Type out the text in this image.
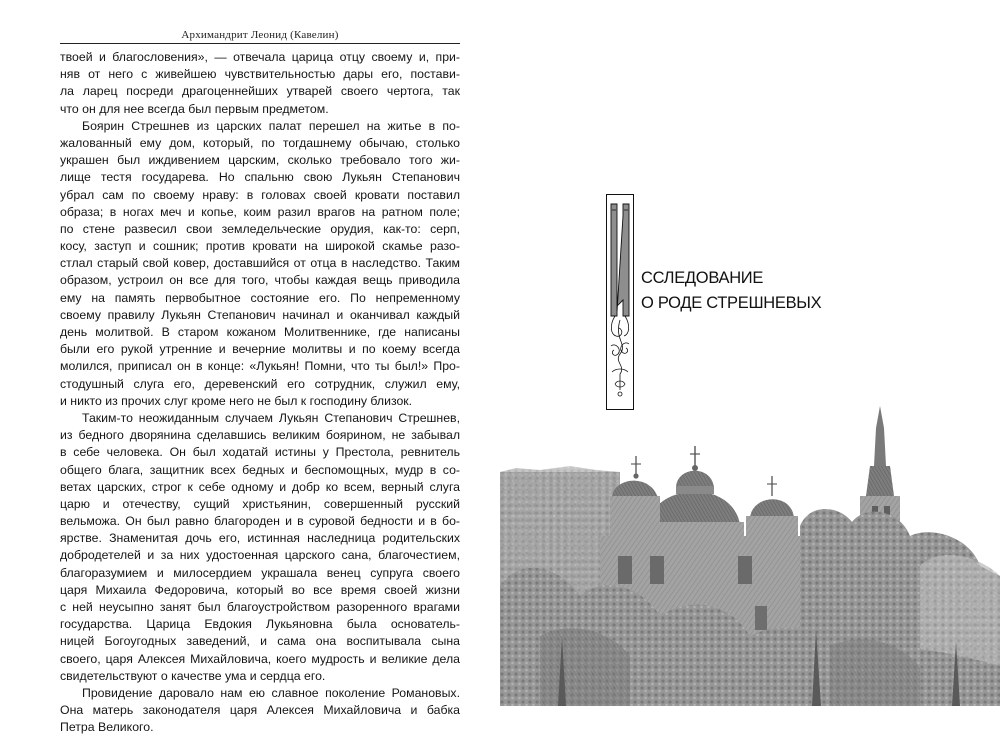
Архимандрит Леонид (Кавелин)

твоей и благословения», — отвечала царица отцу своему и, при-

няв от него с живейшею чувствительностью дары его, постави-

ла ларец посреди драгоценнейших утварей своего чертога, так

что он для нее всегда был первым предметом.

Боярин Стрешнев из царских палат перешел на житье в по-

жалованный ему дом, который, по тогдашнему обычаю, столько

украшен был иждивением царским, сколько требовало того жи-

лище тестя государева. Но спальню свою Лукьян Степанович

убрал сам по своему нраву: в головах своей кровати поставил

образа; в ногах меч и копье, коим разил врагов на ратном поле;

по стене развесил свои земледельческие орудия, как-то: серп,

косу, заступ и сошник; против кровати на широкой скамье разо-

стлал старый свой ковер, доставшийся от отца в наследство. Таким

образом, устроил он все для того, чтобы каждая вещь приводила

ему на память первобытное состояние его. По непременному

своему правилу Лукьян Степанович начинал и оканчивал каждый

день молитвой. В старом кожаном Молитвеннике, где написаны

были его рукой утренние и вечерние молитвы и по коему всегда

молился, приписал он в конце: «Лукьян! Помни, что ты был!» Про-

стодушный слуга его, деревенский его сотрудник, служил ему,

и никто из прочих слуг кроме него не был к господину близок.

Таким-то неожиданным случаем Лукьян Степанович Стрешнев,

из бедного дворянина сделавшись великим боярином, не забывал

в себе человека. Он был ходатай истины у Престола, ревнитель

общего блага, защитник всех бедных и беспомощных, мудр в со-

ветах царских, строг к себе одному и добр ко всем, верный слуга

царю и отечеству, сущий христьянин, совершенный русский

вельможа. Он был равно благороден и в суровой бедности и в бо-

ярстве. Знаменитая дочь его, истинная наследница родительских

добродетелей и за них удостоенная царского сана, благочестием,

благоразумием и милосердием украшала венец супруга своего

царя Михаила Федоровича, который во все время своей жизни

с ней неусыпно занят был благоустройством разоренного врагами

государства. Царица Евдокия Лукьяновна была основатель-

ницей Богоугодных заведений, и сама она воспитывала сына

своего, царя Алексея Михайловича, коего мудрость и великие дела

свидетельствуют о качестве ума и сердца его.

Провидение даровало нам ею славное поколение Романовых.

Она матерь законодателя царя Алексея Михайловича и бабка

Петра Великого.

ССЛЕДОВАНИЕ
О РОДЕ СТРЕШНЕВЫХ
